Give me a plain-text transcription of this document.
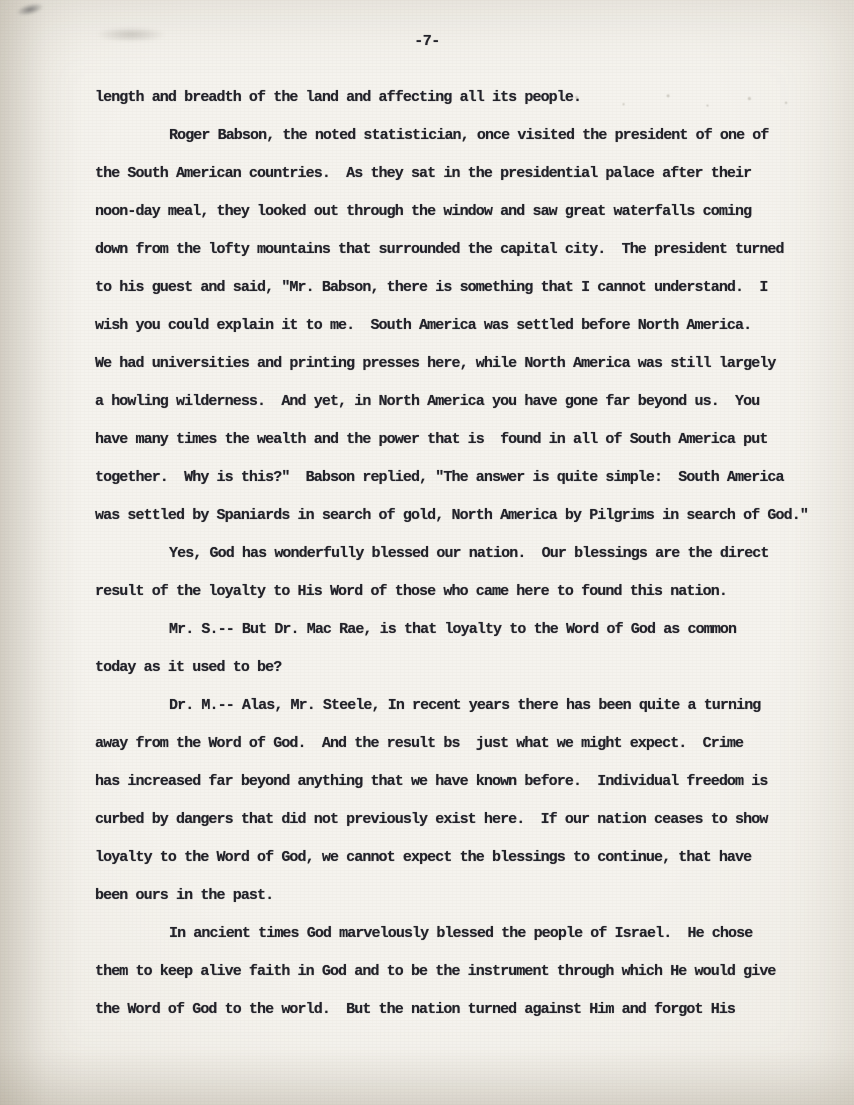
-7-
length and breadth of the land and affecting all its people.
Roger Babson, the noted statistician, once visited the president of one of
the South American countries.  As they sat in the presidential palace after their
noon-day meal, they looked out through the window and saw great waterfalls coming
down from the lofty mountains that surrounded the capital city.  The president turned
to his guest and said, "Mr. Babson, there is something that I cannot understand.  I
wish you could explain it to me.  South America was settled before North America.
We had universities and printing presses here, while North America was still largely
a howling wilderness.  And yet, in North America you have gone far beyond us.  You
have many times the wealth and the power that is  found in all of South America put
together.  Why is this?"  Babson replied, "The answer is quite simple:  South America
was settled by Spaniards in search of gold, North America by Pilgrims in search of God."
Yes, God has wonderfully blessed our nation.  Our blessings are the direct
result of the loyalty to His Word of those who came here to found this nation.
Mr. S.-- But Dr. Mac Rae, is that loyalty to the Word of God as common
today as it used to be?
Dr. M.-- Alas, Mr. Steele, In recent years there has been quite a turning
away from the Word of God.  And the result bs  just what we might expect.  Crime
has increased far beyond anything that we have known before.  Individual freedom is
curbed by dangers that did not previously exist here.  If our nation ceases to show
loyalty to the Word of God, we cannot expect the blessings to continue, that have
been ours in the past.
In ancient times God marvelously blessed the people of Israel.  He chose
them to keep alive faith in God and to be the instrument through which He would give
the Word of God to the world.  But the nation turned against Him and forgot His
